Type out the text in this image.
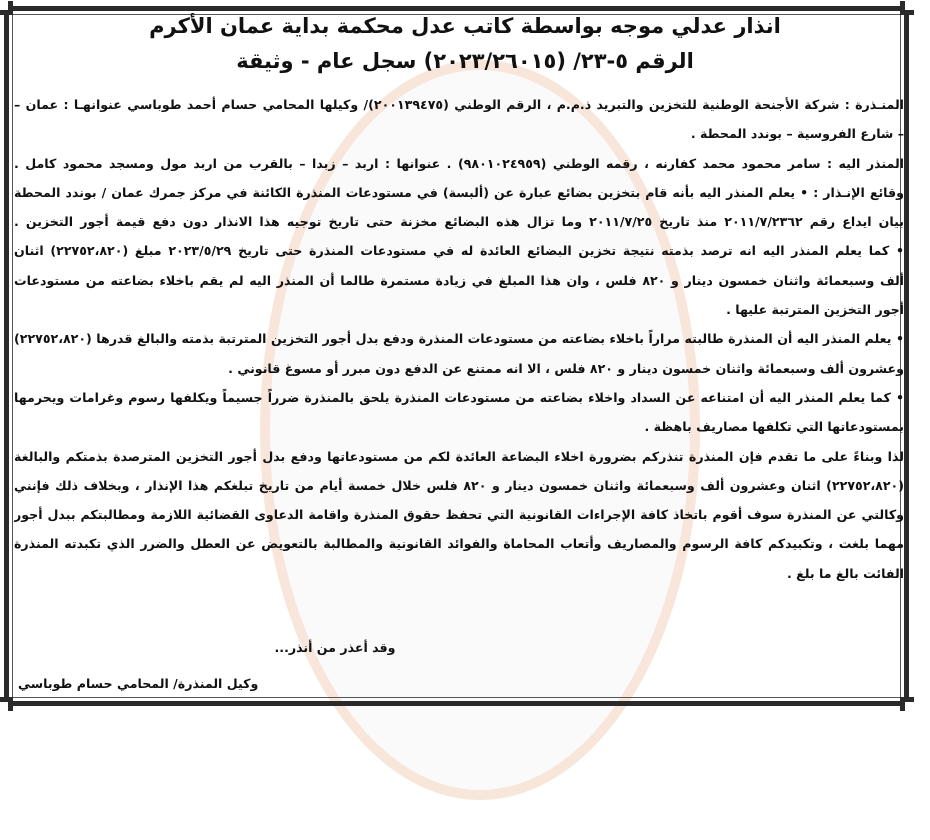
انذار عدلي موجه بواسطة كاتب عدل محكمة بداية عمان الأكرم
الرقم ٥-٢٣/ (٢٠٢٣/٢٦٠١٥) سجل عام - وثيقة
المنـذرة : شركة الأجنحة الوطنية للتخزين والتبريد ذ.م.م ، الرقم الوطني (٢٠٠١٣٩٤٧٥)/ وكيلها المحامي حسام أحمد طوباسي عنوانهـا : عمان –
– شارع الفروسية – بوندد المحطة .
المنذر اليه : سامر محمود محمد كفارنه ، رقمه الوطني (٩٨٠١٠٢٤٩٥٩) . عنوانها : اربد – زبدا – بالقرب من اربد مول ومسجد محمود كامل .
وقائع الإنـذار : • يعلم المنذر اليه بأنه قام بتخزين بضائع عبارة عن (ألبسة) في مستودعات المنذرة الكائنة في مركز جمرك عمان / بوندد المحطة
بيان ايداع رقم ٢٠١١/٧/٢٣٦٢ منذ تاريخ ٢٠١١/٧/٢٥ وما تزال هذه البضائع مخزنة حتى تاريخ توجيه هذا الانذار دون دفع قيمة أجور التخزين .
• كما يعلم المنذر اليه انه ترصد بذمته نتيجة تخزين البضائع العائدة له في مستودعات المنذرة حتى تاريخ ٢٠٢٣/٥/٢٩ مبلغ (٢٢٧٥٢،٨٢٠) اثنان
ألف وسبعمائة واثنان خمسون دينار و ٨٢٠ فلس ، وان هذا المبلغ في زيادة مستمرة طالما أن المنذر اليه لم يقم باخلاء بضاعته من مستودعات
أجور التخزين المترتبة عليها .
• يعلم المنذر اليه أن المنذرة طالبته مراراً باخلاء بضاعته من مستودعات المنذرة ودفع بدل أجور التخزين المترتبة بذمته والبالغ قدرها (٢٢٧٥٢،٨٢٠)
وعشرون ألف وسبعمائة واثنان خمسون دينار و ٨٢٠ فلس ، الا انه ممتنع عن الدفع دون مبرر أو مسوغ قانوني .
• كما يعلم المنذر اليه أن امتناعه عن السداد واخلاء بضاعته من مستودعات المنذرة يلحق بالمنذرة ضرراً جسيماً ويكلفها رسوم وغرامات ويحرمها
بمستودعاتها التي تكلفها مصاريف باهظة .
لذا وبناءً على ما تقدم فإن المنذرة تنذركم بضرورة اخلاء البضاعة العائدة لكم من مستودعاتها ودفع بدل أجور التخزين المترصدة بذمتكم والبالغة
(٢٢٧٥٢،٨٢٠) اثنان وعشرون ألف وسبعمائة واثنان خمسون دينار و ٨٢٠ فلس خلال خمسة أيام من تاريخ تبلغكم هذا الإنذار ، وبخلاف ذلك فإنني
وكالتي عن المنذرة سوف أقوم باتخاذ كافة الإجراءات القانونية التي تحفظ حقوق المنذرة واقامة الدعاوى القضائية اللازمة ومطالبتكم ببدل أجور
مهما بلغت ، وتكبيدكم كافة الرسوم والمصاريف وأتعاب المحاماة والفوائد القانونية والمطالبة بالتعويض عن العطل والضرر الذي تكبدته المنذرة
الفائت بالغ ما بلغ .
وقد أعذر من أنذر...
وكيل المنذرة/ المحامي حسام طوباسي
